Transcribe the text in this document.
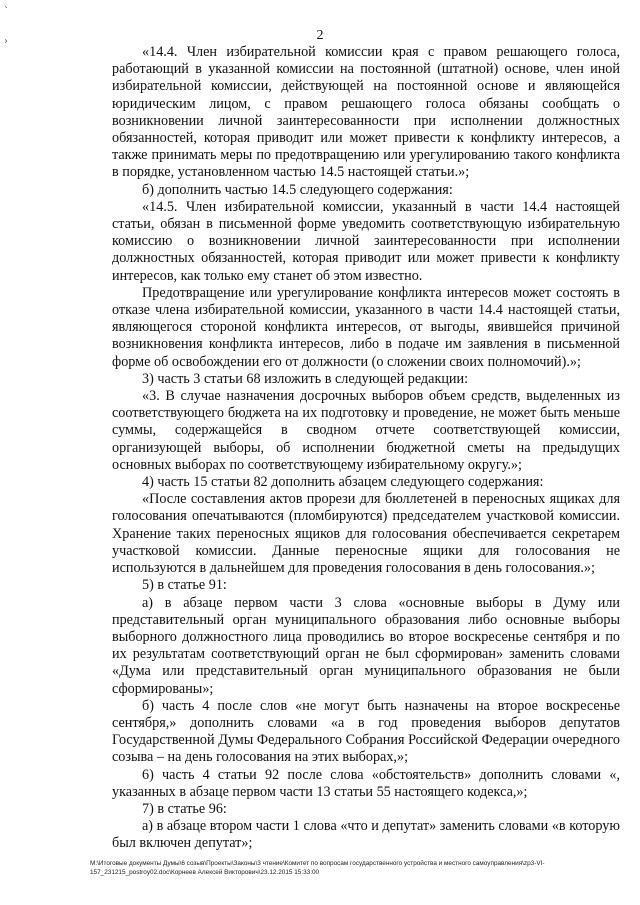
ˋ
›	2

«14.4. Член избирательной комиссии края с правом решающего голоса, работающий в указанной комиссии на постоянной (штатной) основе, член иной избирательной комиссии, действующей на постоянной основе и являющейся юридическим лицом, с правом решающего голоса обязаны сообщать о возникновении личной заинтересованности при исполнении должностных обязанностей, которая приводит или может привести к конфликту интересов, а также принимать меры по предотвращению или урегулированию такого конфликта в порядке, установленном частью 14.5 настоящей статьи.»;

б) дополнить частью 14.5 следующего содержания:

«14.5. Член избирательной комиссии, указанный в части 14.4 настоящей статьи, обязан в письменной форме уведомить соответствующую избирательную комиссию о возникновении личной заинтересованности при исполнении должностных обязанностей, которая приводит или может привести к конфликту интересов, как только ему станет об этом известно.

Предотвращение или урегулирование конфликта интересов может состоять в отказе члена избирательной комиссии, указанного в части 14.4 настоящей статьи, являющегося стороной конфликта интересов, от выгоды, явившейся причиной возникновения конфликта интересов, либо в подаче им заявления в письменной форме об освобождении его от должности (о сложении своих полномочий).»;

3) часть 3 статьи 68 изложить в следующей редакции:

«3. В случае назначения досрочных выборов объем средств, выделенных из соответствующего бюджета на их подготовку и проведение, не может быть меньше суммы, содержащейся в сводном отчете соответствующей комиссии, организующей выборы, об исполнении бюджетной сметы на предыдущих основных выборах по соответствующему избирательному округу.»;

4) часть 15 статьи 82 дополнить абзацем следующего содержания:

«После составления актов прорези для бюллетеней в переносных ящиках для голосования опечатываются (пломбируются) председателем участковой комиссии. Хранение таких переносных ящиков для голосования обеспечивается секретарем участковой комиссии. Данные переносные ящики для голосования не используются в дальнейшем для проведения голосования в день голосования.»;

5) в статье 91:

а) в абзаце первом части 3 слова «основные выборы в Думу или представительный орган муниципального образования либо основные выборы выборного должностного лица проводились во второе воскресенье сентября и по их результатам соответствующий орган не был сформирован» заменить словами «Дума или представительный орган муниципального образования не были сформированы»;

б) часть 4 после слов «не могут быть назначены на второе воскресенье сентября,» дополнить словами «а в год проведения выборов депутатов Государственной Думы Федерального Собрания Российской Федерации очередного созыва – на день голосования на этих выборах,»;

6) часть 4 статьи 92 после слова «обстоятельств» дополнить словами «, указанных в абзаце первом части 13 статьи 55 настоящего кодекса,»;

7) в статье 96:

а) в абзаце втором части 1 слова «что и депутат» заменить словами «в которую был включен депутат»;

M:\Итоговые документы Думы\6 созыв\Проекты\Законы\3 чтение\Комитет по вопросам государственного устройства и местного самоуправления\zp3-VI-157_231215_postroy02.doc\Корнеев Алексей Викторович\23.12.2015 15:33:00
